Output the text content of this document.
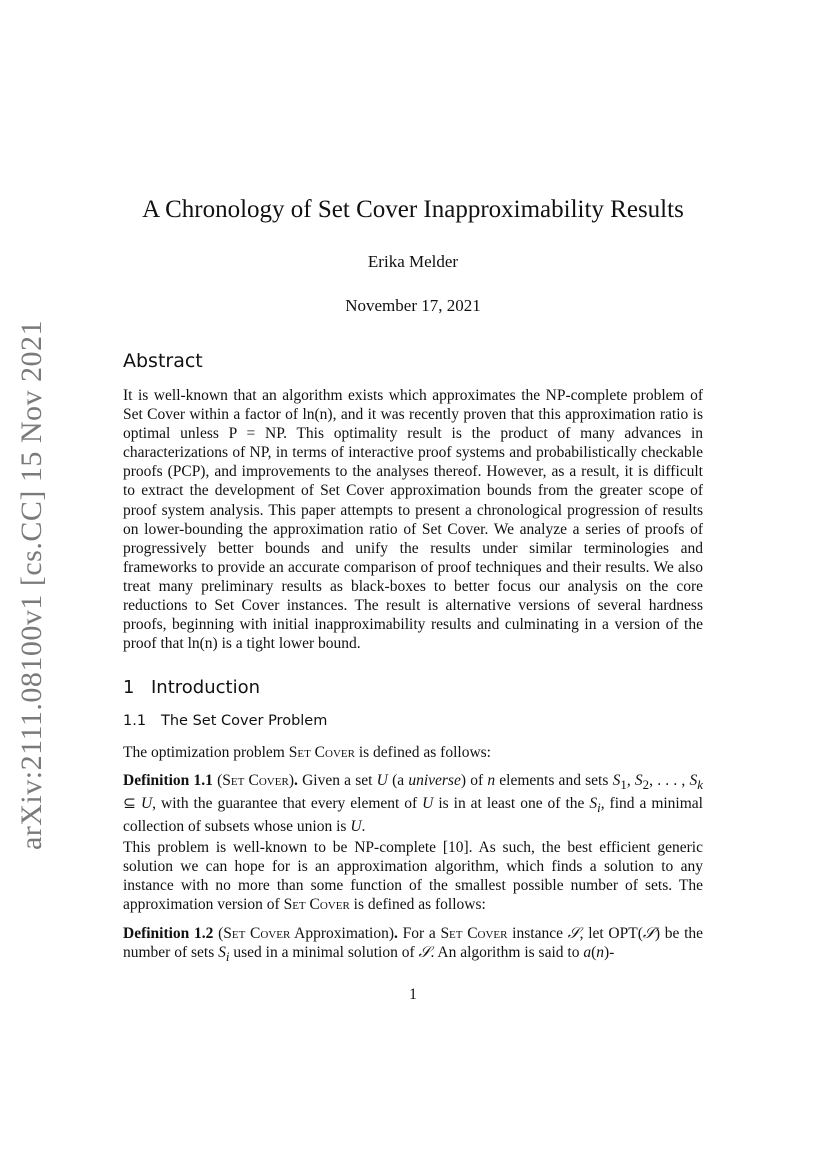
arXiv:2111.08100v1 [cs.CC] 15 Nov 2021
A Chronology of Set Cover Inapproximability Results
Erika Melder
November 17, 2021
Abstract

It is well-known that an algorithm exists which approximates the NP-complete problem of Set Cover within a factor of ln(n), and it was recently proven that this approximation ratio is optimal unless P = NP. This optimality result is the product of many advances in characterizations of NP, in terms of interactive proof systems and probabilistically checkable proofs (PCP), and improvements to the analyses thereof. However, as a result, it is difficult to extract the development of Set Cover approximation bounds from the greater scope of proof system analysis. This paper attempts to present a chronological progression of results on lower-bounding the approximation ratio of Set Cover. We analyze a series of proofs of progressively better bounds and unify the results under similar terminologies and frameworks to provide an accurate comparison of proof techniques and their results. We also treat many preliminary results as black-boxes to better focus our analysis on the core reductions to Set Cover instances. The result is alternative versions of several hardness proofs, beginning with initial inapproximability results and culminating in a version of the proof that ln(n) is a tight lower bound.

1 Introduction
1.1 The Set Cover Problem

The optimization problem Set Cover is defined as follows:

Definition 1.1 (Set Cover). Given a set U (a universe) of n elements and sets $S_1$, $S_2$, . . . , $S_k$ ⊆ U, with the guarantee that every element of U is in at least one of the $S_i$, find a minimal collection of subsets whose union is U.

This problem is well-known to be NP-complete [10]. As such, the best efficient generic solution we can hope for is an approximation algorithm, which finds a solution to any instance with no more than some function of the smallest possible number of sets. The approximation version of Set Cover is defined as follows:

Definition 1.2 (Set Cover Approximation). For a Set Cover instance 𝒮, let OPT(𝒮) be the number of sets $S_i$ used in a minimal solution of 𝒮. An algorithm is said to a(n)-

1
